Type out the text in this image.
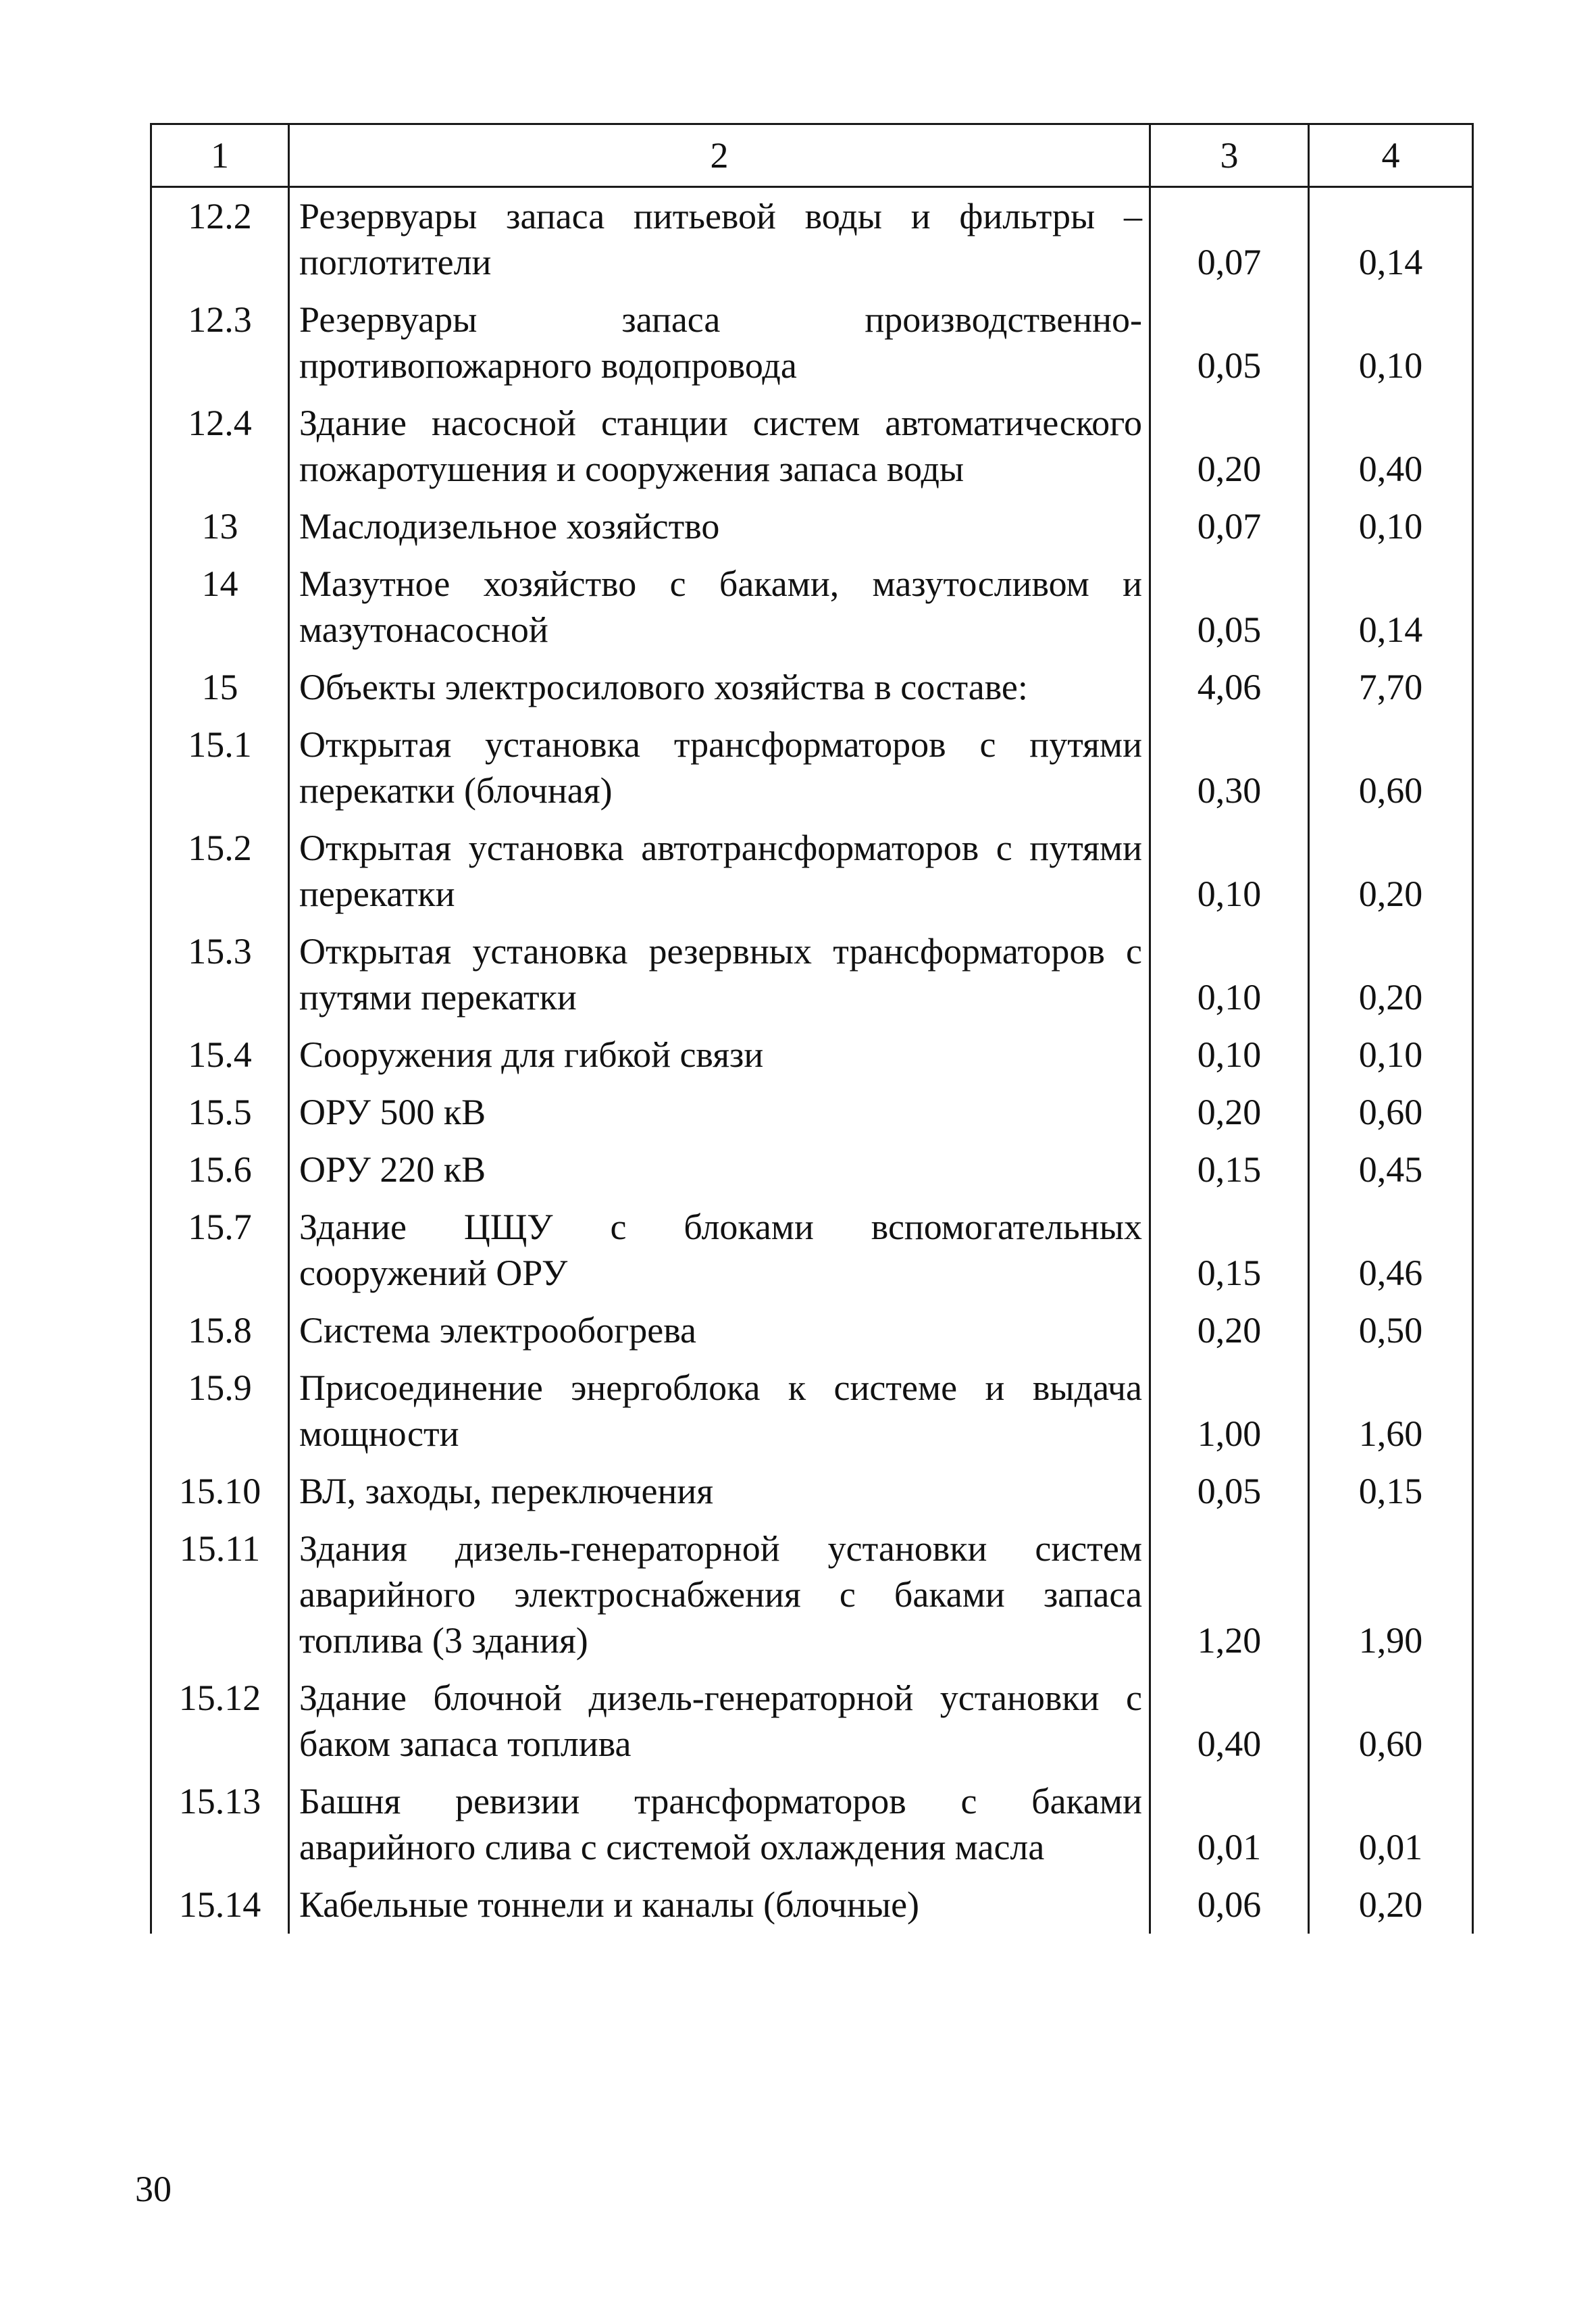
1	2	3	4
12.2	Резервуары запаса питьевой воды и фильтры – поглотители	0,07	0,14
12.3	Резервуары запаса производственно-противопожарного водопровода	0,05	0,10
12.4	Здание насосной станции систем автоматического пожаротушения и сооружения запаса воды	0,20	0,40
13	Маслодизельное хозяйство	0,07	0,10
14	Мазутное хозяйство с баками, мазутосливом и мазутонасосной	0,05	0,14
15	Объекты электросилового хозяйства в составе:	4,06	7,70
15.1	Открытая установка трансформаторов с путями перекатки (блочная)	0,30	0,60
15.2	Открытая установка автотрансформаторов с путями перекатки	0,10	0,20
15.3	Открытая установка резервных трансформаторов с путями перекатки	0,10	0,20
15.4	Сооружения для гибкой связи	0,10	0,10
15.5	ОРУ 500 кВ	0,20	0,60
15.6	ОРУ 220 кВ	0,15	0,45
15.7	Здание ЦЩУ с блоками вспомогательных сооружений ОРУ	0,15	0,46
15.8	Система электрообогрева	0,20	0,50
15.9	Присоединение энергоблока к системе и выдача мощности	1,00	1,60
15.10	ВЛ, заходы, переключения	0,05	0,15
15.11	Здания дизель-генераторной установки систем аварийного электроснабжения с баками запаса топлива (3 здания)	1,20	1,90
15.12	Здание блочной дизель-генераторной установки с баком запаса топлива	0,40	0,60
15.13	Башня ревизии трансформаторов с баками аварийного слива с системой охлаждения масла	0,01	0,01
15.14	Кабельные тоннели и каналы (блочные)	0,06	0,20
30
